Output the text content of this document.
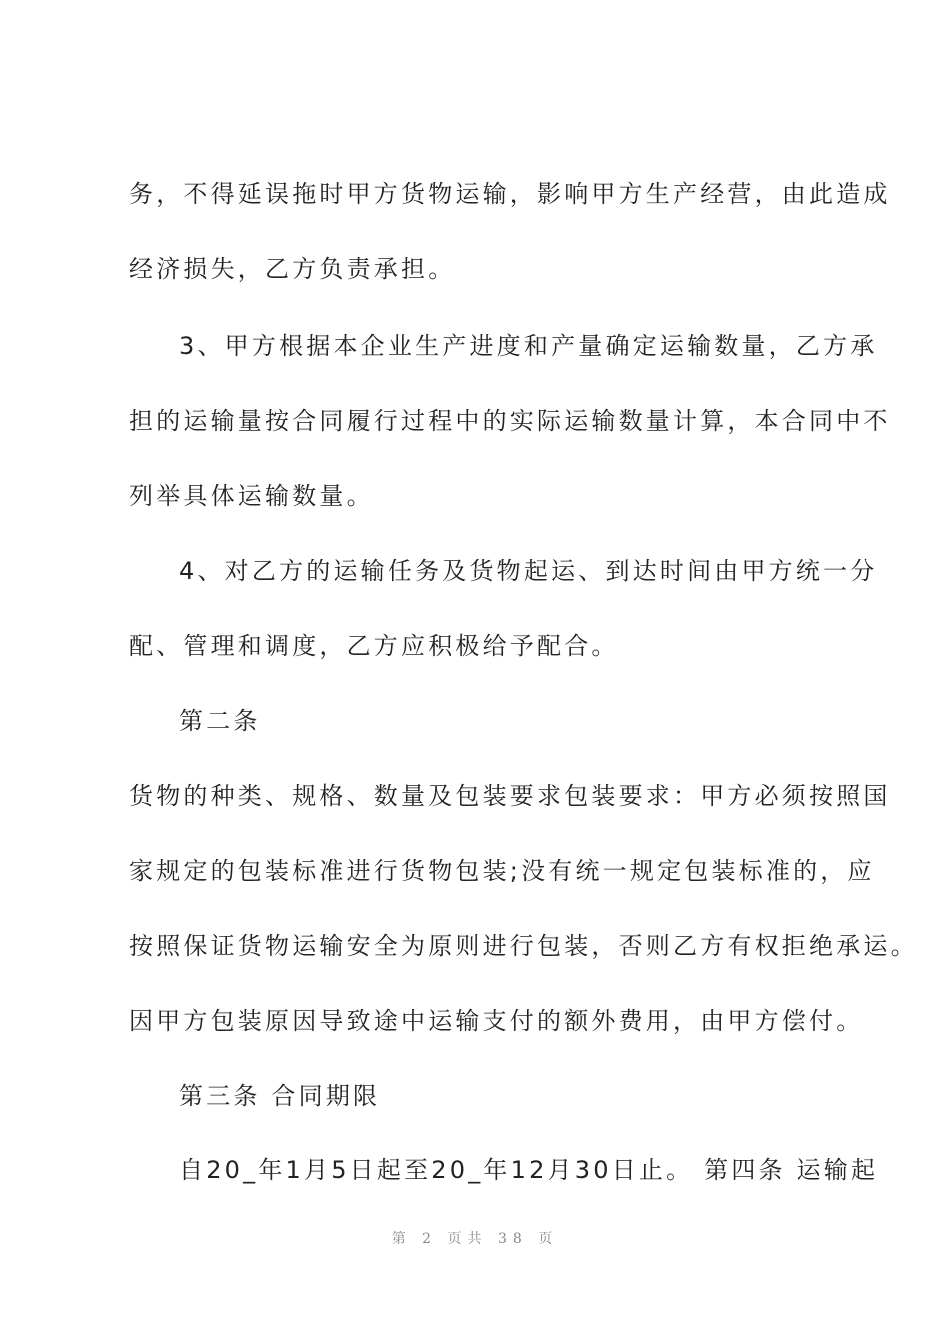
务，不得延误拖时甲方货物运输，影响甲方生产经营，由此造成
经济损失，乙方负责承担。
3、甲方根据本企业生产进度和产量确定运输数量，乙方承
担的运输量按合同履行过程中的实际运输数量计算，本合同中不
列举具体运输数量。
4、对乙方的运输任务及货物起运、到达时间由甲方统一分
配、管理和调度，乙方应积极给予配合。
第二条
货物的种类、规格、数量及包装要求包装要求：甲方必须按照国
家规定的包装标准进行货物包装;没有统一规定包装标准的，应
按照保证货物运输安全为原则进行包装，否则乙方有权拒绝承运。
因甲方包装原因导致途中运输支付的额外费用，由甲方偿付。
第三条 合同期限
自20_年1月5日起至20_年12月30日止。 第四条 运输起
第 2 页共 38 页
